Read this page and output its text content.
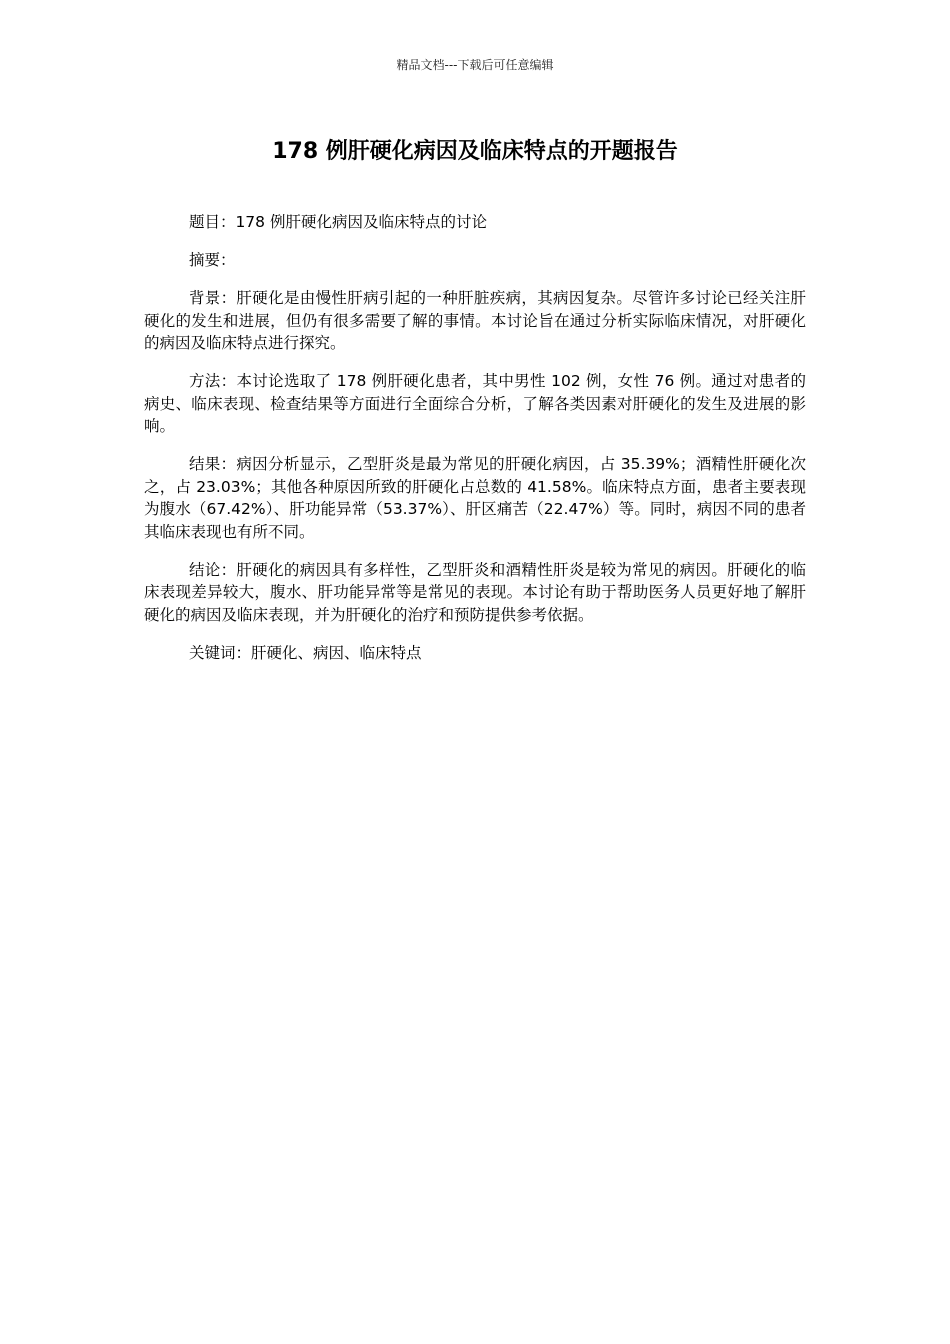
精品文档---下载后可任意编辑
178 例肝硬化病因及临床特点的开题报告

题目：178 例肝硬化病因及临床特点的讨论

摘要：

背景：肝硬化是由慢性肝病引起的一种肝脏疾病，其病因复杂。尽管许多讨论已经关注肝硬化的发生和进展，但仍有很多需要了解的事情。本讨论旨在通过分析实际临床情况，对肝硬化的病因及临床特点进行探究。

方法：本讨论选取了 178 例肝硬化患者，其中男性 102 例，女性 76 例。通过对患者的病史、临床表现、检查结果等方面进行全面综合分析，了解各类因素对肝硬化的发生及进展的影响。

结果：病因分析显示，乙型肝炎是最为常见的肝硬化病因，占 35.39%；酒精性肝硬化次之，占 23.03%；其他各种原因所致的肝硬化占总数的 41.58%。临床特点方面，患者主要表现为腹水（67.42%）、肝功能异常（53.37%）、肝区痛苦（22.47%）等。同时，病因不同的患者其临床表现也有所不同。

结论：肝硬化的病因具有多样性，乙型肝炎和酒精性肝炎是较为常见的病因。肝硬化的临床表现差异较大，腹水、肝功能异常等是常见的表现。本讨论有助于帮助医务人员更好地了解肝硬化的病因及临床表现，并为肝硬化的治疗和预防提供参考依据。

关键词：肝硬化、病因、临床特点
